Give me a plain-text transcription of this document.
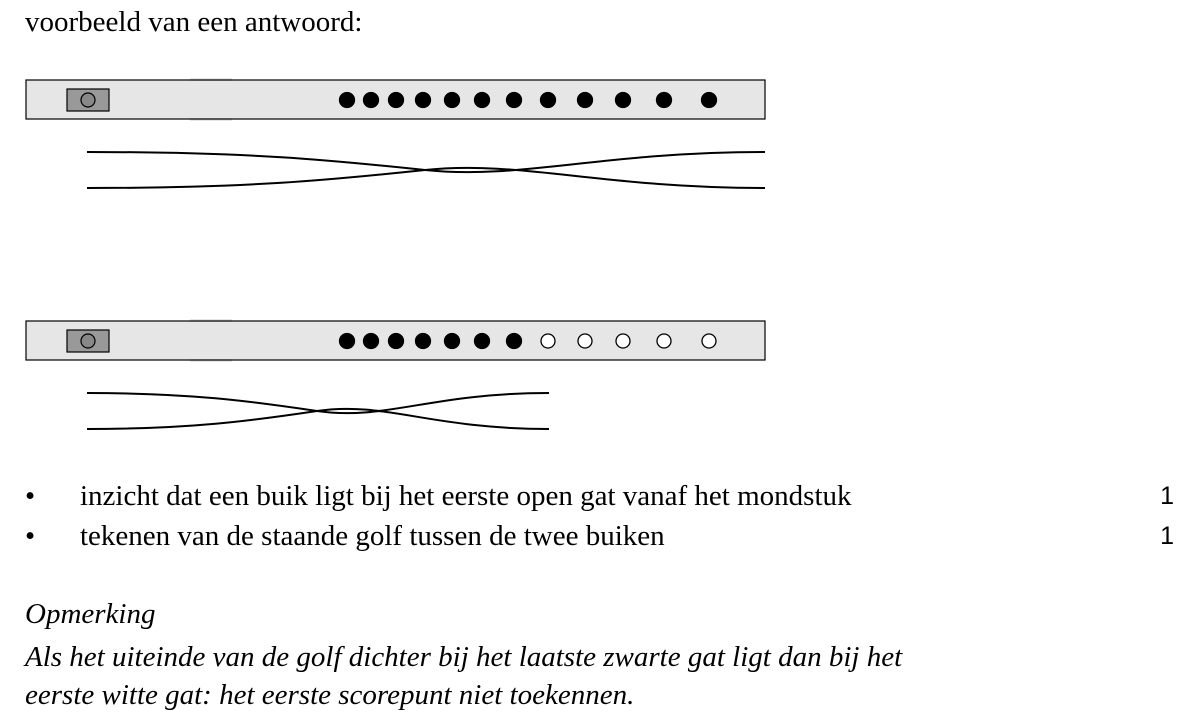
voorbeeld van een antwoord:
• inzicht dat een buik ligt bij het eerste open gat vanaf het mondstuk	1
• tekenen van de staande golf tussen de twee buiken	1
Opmerking
Als het uiteinde van de golf dichter bij het laatste zwarte gat ligt dan bij het
eerste witte gat: het eerste scorepunt niet toekennen.
